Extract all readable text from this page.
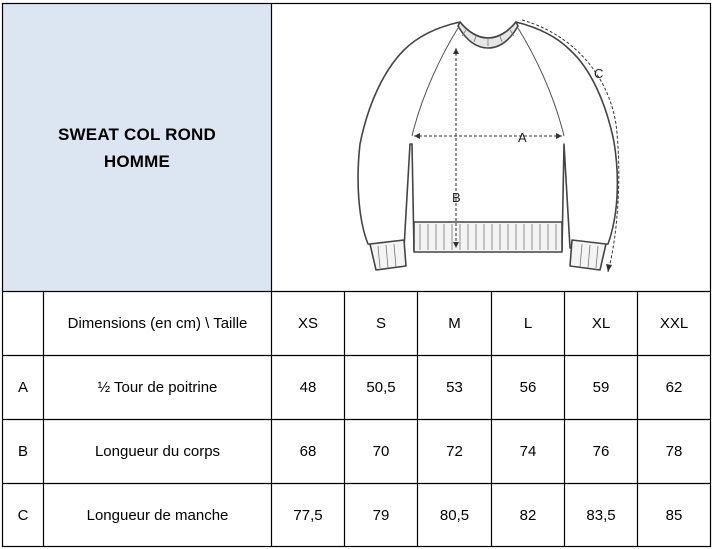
SWEAT COL ROND
HOMME
A
B
C
Dimensions (en cm) \ Taille	XS	S	M	L	XL	XXL
A	½ Tour de poitrine	48	50,5	53	56	59	62
B	Longueur du corps	68	70	72	74	76	78
C	Longueur de manche	77,5	79	80,5	82	83,5	85
